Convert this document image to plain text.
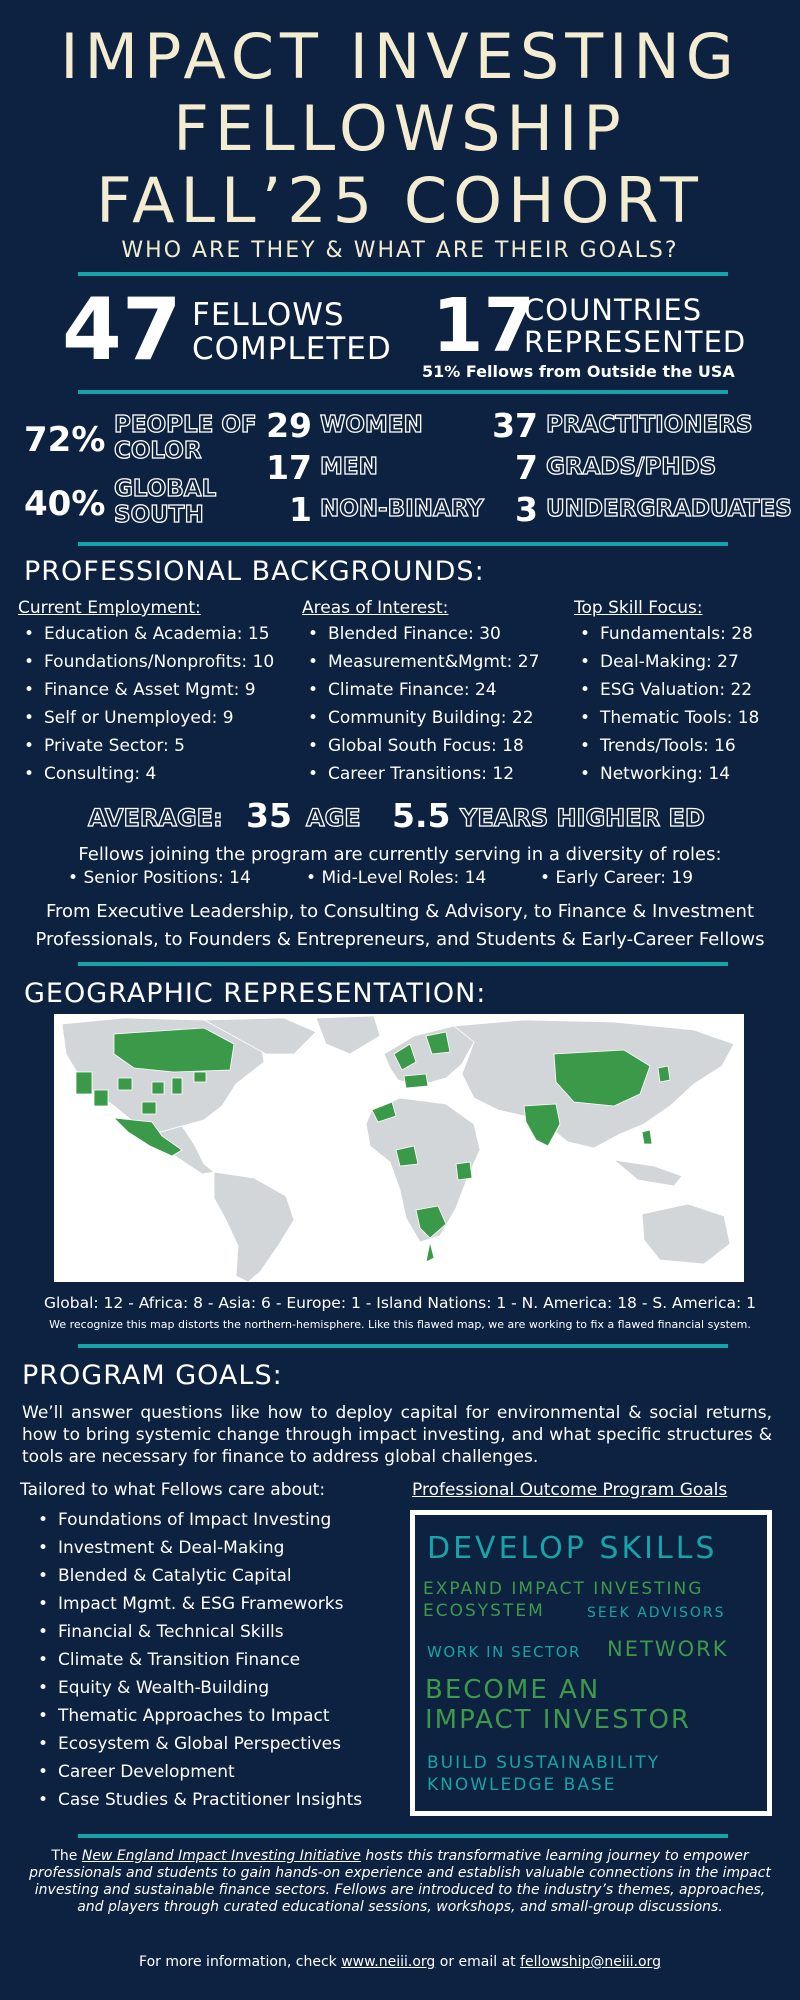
IMPACT INVESTING
FELLOWSHIP
FALL’25 COHORT
WHO ARE THEY & WHAT ARE THEIR GOALS?
47 FELLOWS
COMPLETED 17
COUNTRIES
REPRESENTED
51% Fellows from Outside the USA
72% PEOPLE OF
COLOR
40% GLOBAL
SOUTH
29 WOMEN
17 MEN
1 NON-BINARY
37 PRACTITIONERS
7 GRADS/PHDS
3 UNDERGRADUATES
PROFESSIONAL BACKGROUNDS:
Current Employment:
• Education & Academia: 15
• Foundations/Nonprofits: 10
• Finance & Asset Mgmt: 9
• Self or Unemployed: 9
• Private Sector: 5
• Consulting: 4
Areas of Interest:
• Blended Finance: 30
• Measurement&Mgmt: 27
• Climate Finance: 24
• Community Building: 22
• Global South Focus: 18
• Career Transitions: 12
Top Skill Focus:
• Fundamentals: 28
• Deal-Making: 27
• ESG Valuation: 22
• Thematic Tools: 18
• Trends/Tools: 16
• Networking: 14
AVERAGE: 35 AGE 5.5 YEARS HIGHER ED
Fellows joining the program are currently serving in a diversity of roles:
• Senior Positions: 14	• Mid-Level Roles: 14	• Early Career: 19
From Executive Leadership, to Consulting & Advisory, to Finance & Investment Professionals, to Founders & Entrepreneurs, and Students & Early-Career Fellows
GEOGRAPHIC REPRESENTATION:
Global: 12 - Africa: 8 - Asia: 6 - Europe: 1 - Island Nations: 1 - N. America: 18 - S. America: 1
We recognize this map distorts the northern-hemisphere. Like this flawed map, we are working to fix a flawed financial system.
PROGRAM GOALS:
We’ll answer questions like how to deploy capital for environmental & social returns, how to bring systemic change through impact investing, and what specific structures & tools are necessary for finance to address global challenges.
Tailored to what Fellows care about:
• Foundations of Impact Investing
• Investment & Deal-Making
• Blended & Catalytic Capital
• Impact Mgmt. & ESG Frameworks
• Financial & Technical Skills
• Climate & Transition Finance
• Equity & Wealth-Building
• Thematic Approaches to Impact
• Ecosystem & Global Perspectives
• Career Development
• Case Studies & Practitioner Insights
Professional Outcome Program Goals
DEVELOP SKILLS
EXPAND IMPACT INVESTING
ECOSYSTEM	SEEK ADVISORS
WORK IN SECTOR NETWORK
BECOME AN
IMPACT INVESTOR
BUILD SUSTAINABILITY
KNOWLEDGE BASE
The New England Impact Investing Initiative hosts this transformative learning journey to empower professionals and students to gain hands-on experience and establish valuable connections in the impact investing and sustainable finance sectors. Fellows are introduced to the industry’s themes, approaches, and players through curated educational sessions, workshops, and small-group discussions.
For more information, check www.neiii.org or email at fellowship@neiii.org
